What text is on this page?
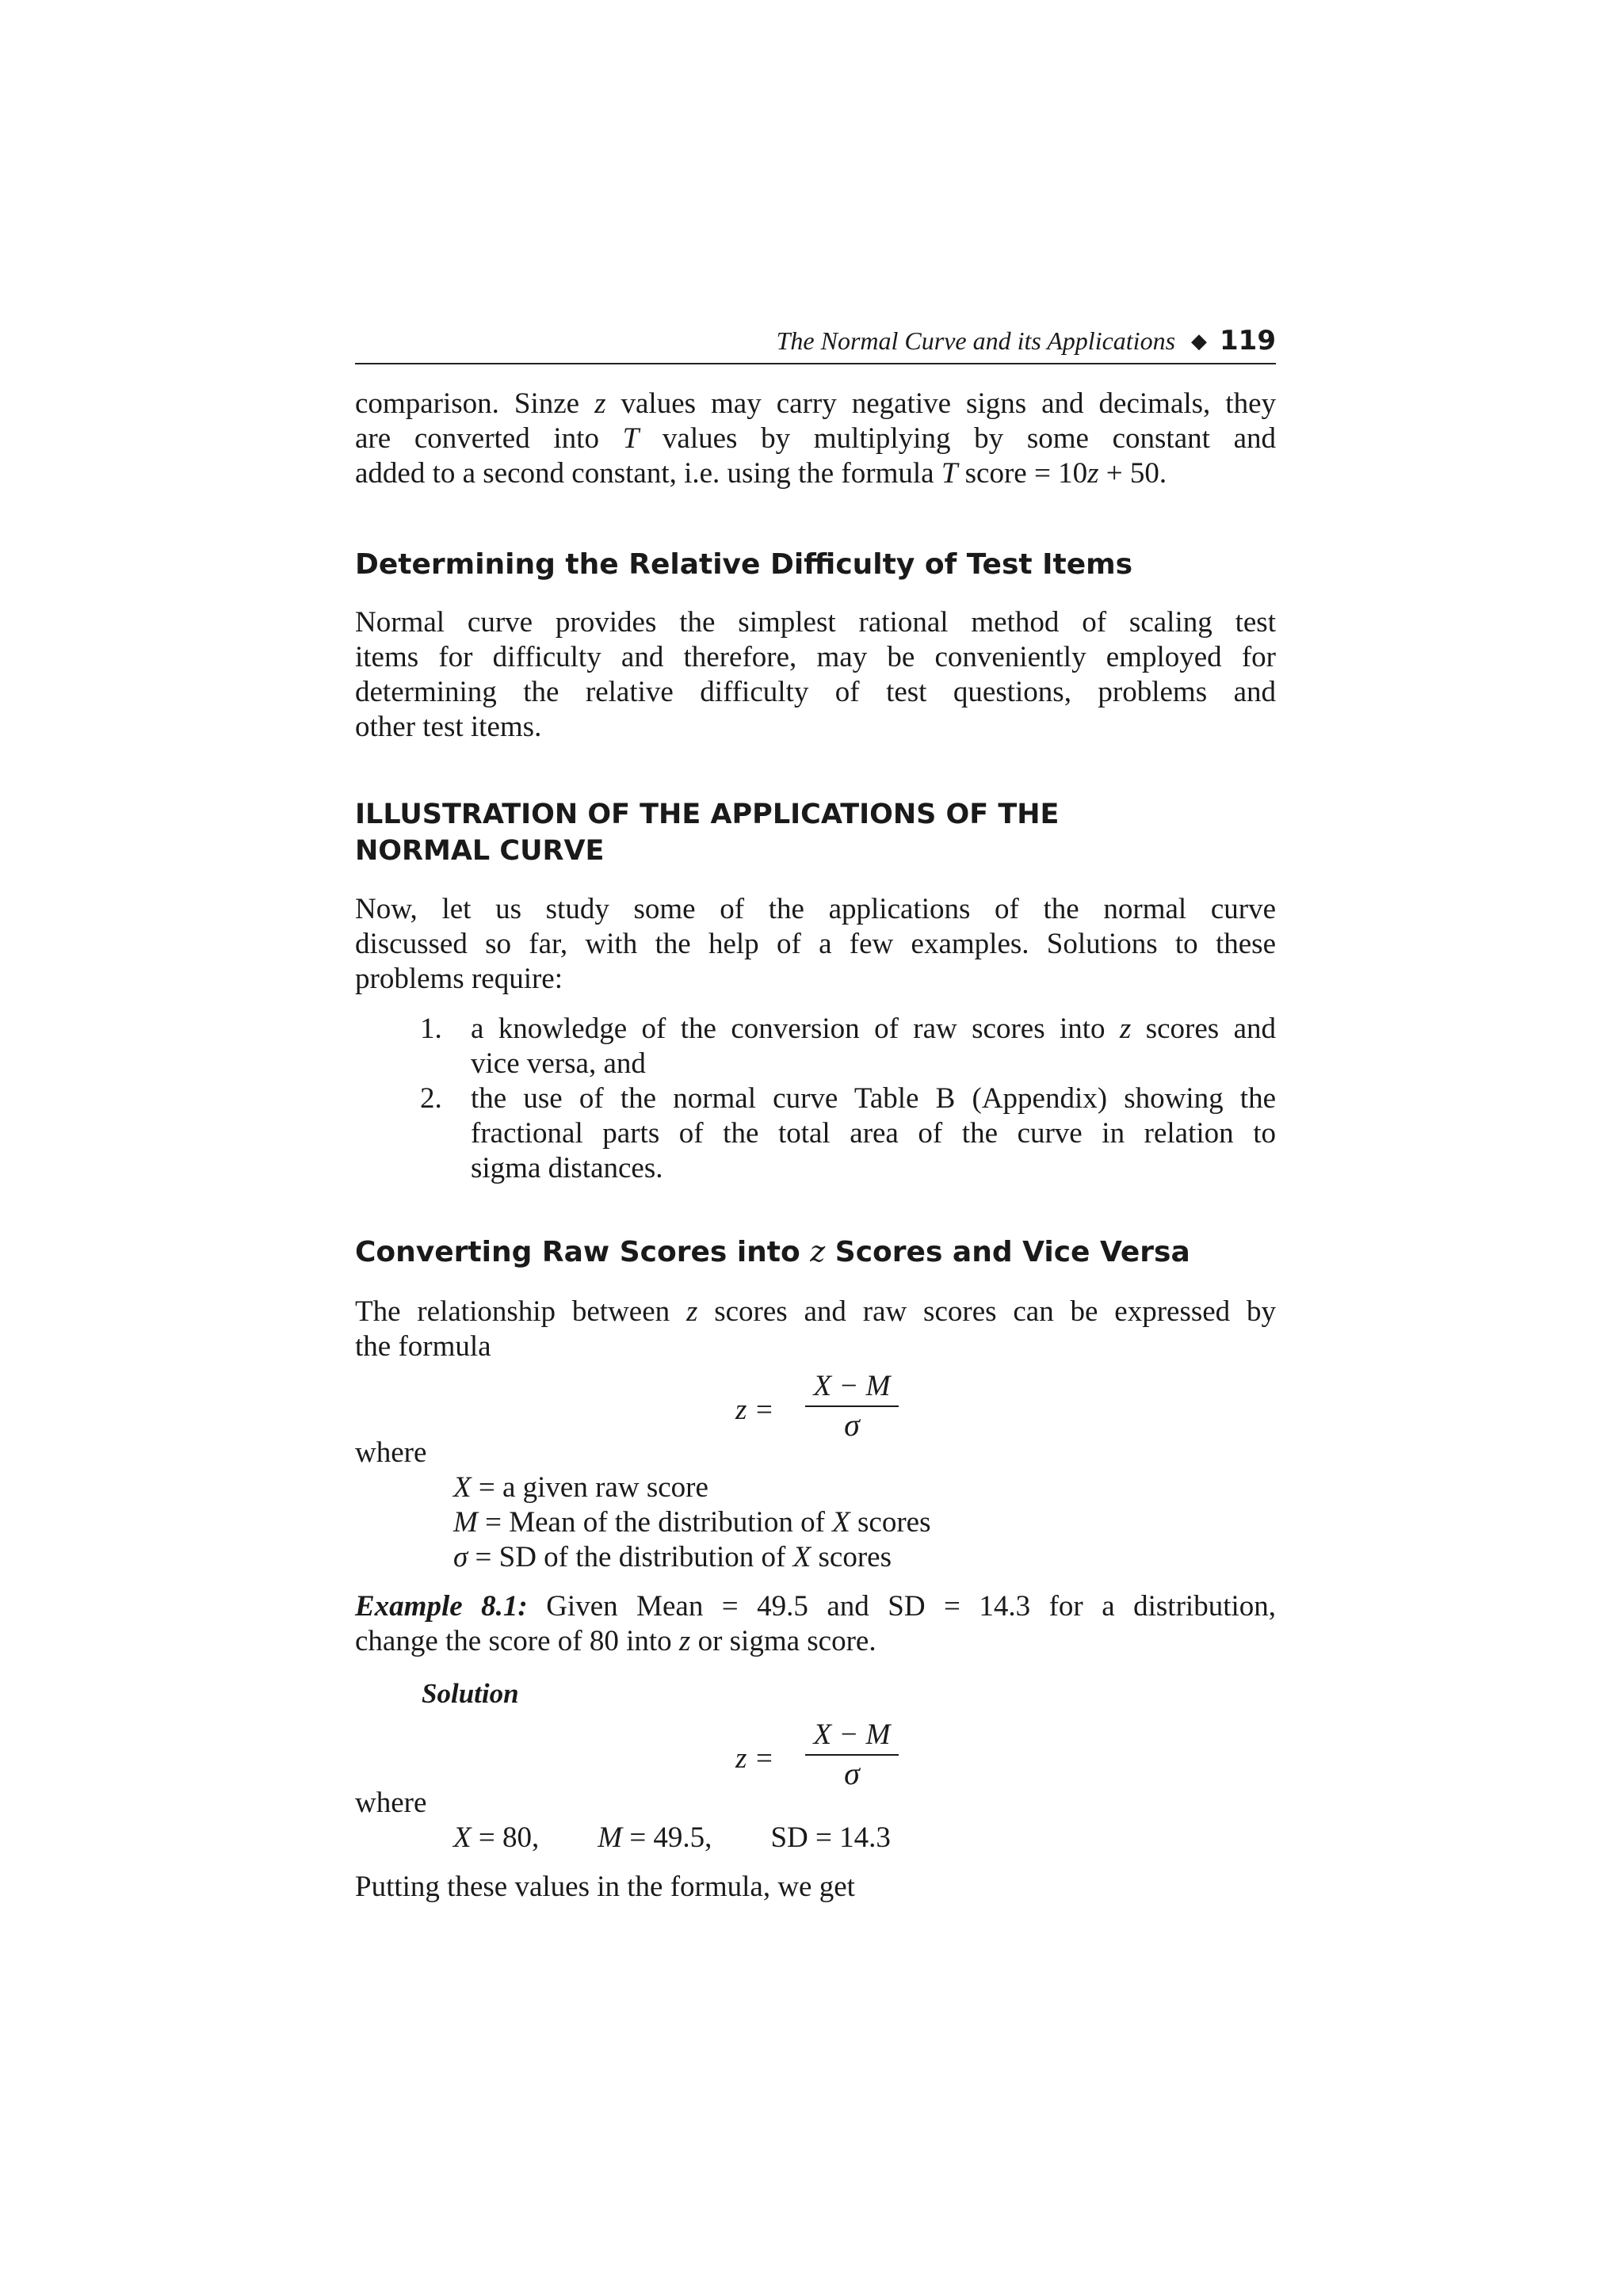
The Normal Curve and its Applications ◆ 119

comparison. Sinze z values may carry negative signs and decimals, they
are converted into T values by multiplying by some constant and
added to a second constant, i.e. using the formula T score = 10z + 50.

Determining the Relative Difficulty of Test Items

Normal curve provides the simplest rational method of scaling test
items for difficulty and therefore, may be conveniently employed for
determining the relative difficulty of test questions, problems and
other test items.

ILLUSTRATION OF THE APPLICATIONS OF THE
NORMAL CURVE

Now, let us study some of the applications of the normal curve
discussed so far, with the help of a few examples. Solutions to these
problems require:

1. a knowledge of the conversion of raw scores into z scores and
vice versa, and
2. the use of the normal curve Table B (Appendix) showing the
fractional parts of the total area of the curve in relation to
sigma distances.
Converting Raw Scores into z Scores and Vice Versa

The relationship between z scores and raw scores can be expressed by
the formula

$z = \frac{X - M}{\sigma}$

where

X = a given raw score

M = Mean of the distribution of X scores

σ = SD of the distribution of X scores

Example 8.1: Given Mean = 49.5 and SD = 14.3 for a distribution,
change the score of 80 into z or sigma score.

Solution
$z = \frac{X - M}{\sigma}$

where

X = 80, M = 49.5, SD = 14.3

Putting these values in the formula, we get
